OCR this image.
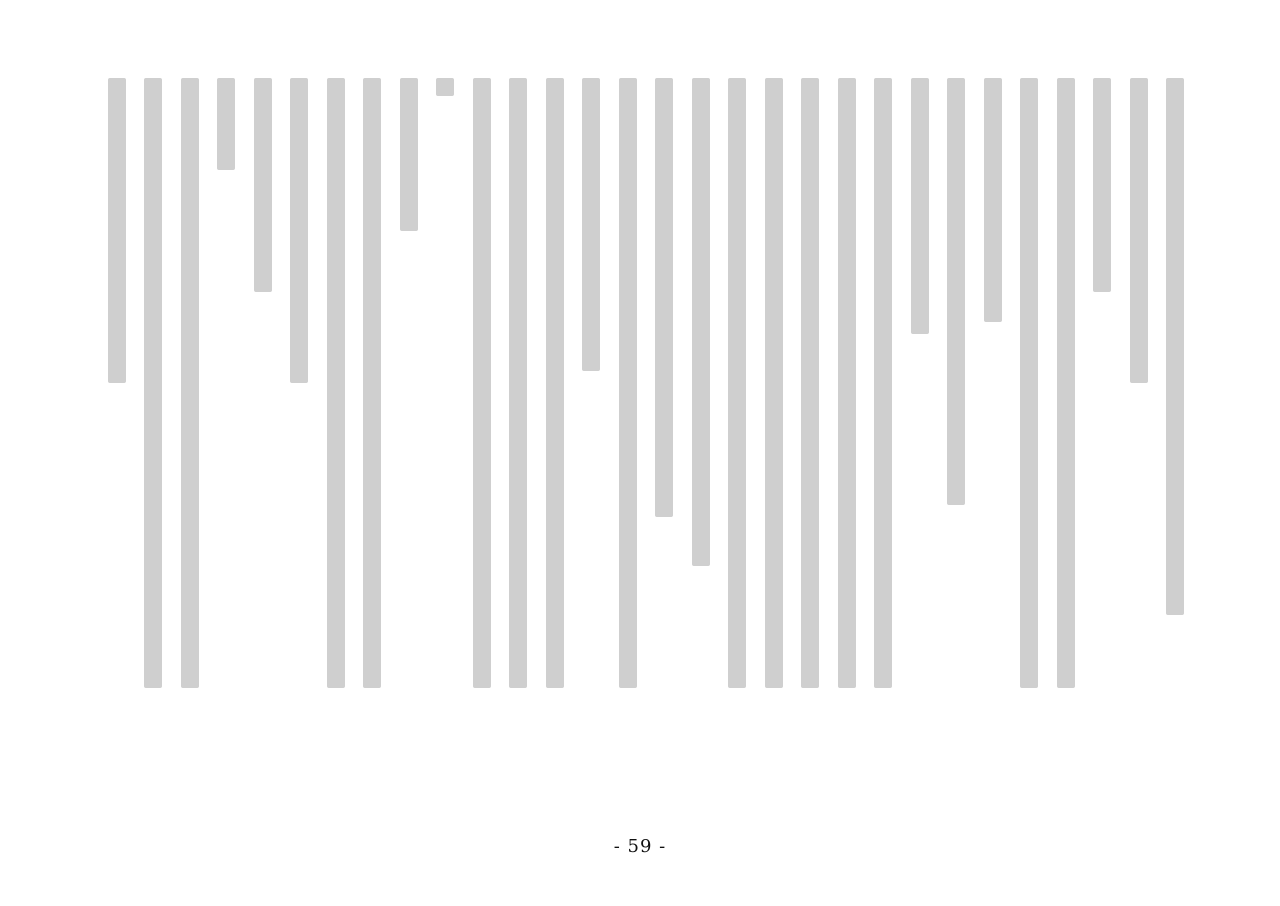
- 59 -
